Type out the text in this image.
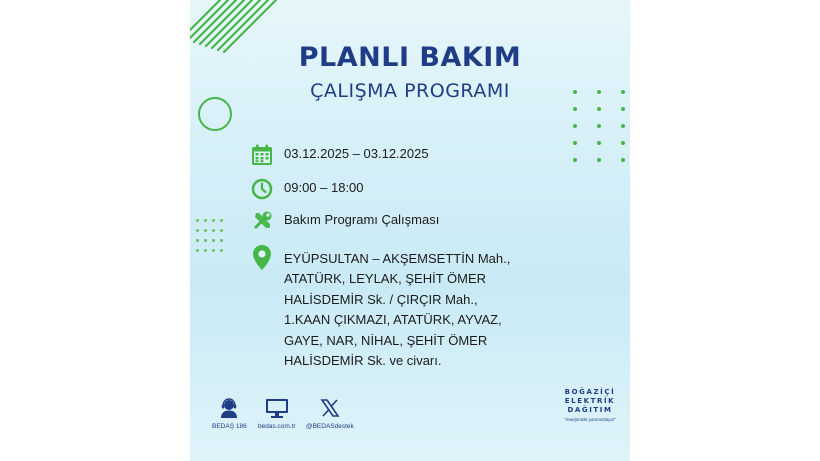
PLANLI BAKIM
ÇALIŞMA PROGRAMI
03.12.2025 – 03.12.2025
09:00 – 18:00
Bakım Programı Çalışması
EYÜPSULTAN – AKŞEMSETTİN Mah.,
ATATÜRK, LEYLAK, ŞEHİT ÖMER
HALİSDEMİR Sk. / ÇIRÇIR Mah.,
1.KAAN ÇIKMAZI, ATATÜRK, AYVAZ,
GAYE, NAR, NİHAL, ŞEHİT ÖMER
HALİSDEMİR Sk. ve civarı.
BEDAŞ 186 bedas.com.tr @BEDASdestek
BOĞAZİÇİ
ELEKTRİK
DAĞITIM
"enerjimizle yanınızdayız"
